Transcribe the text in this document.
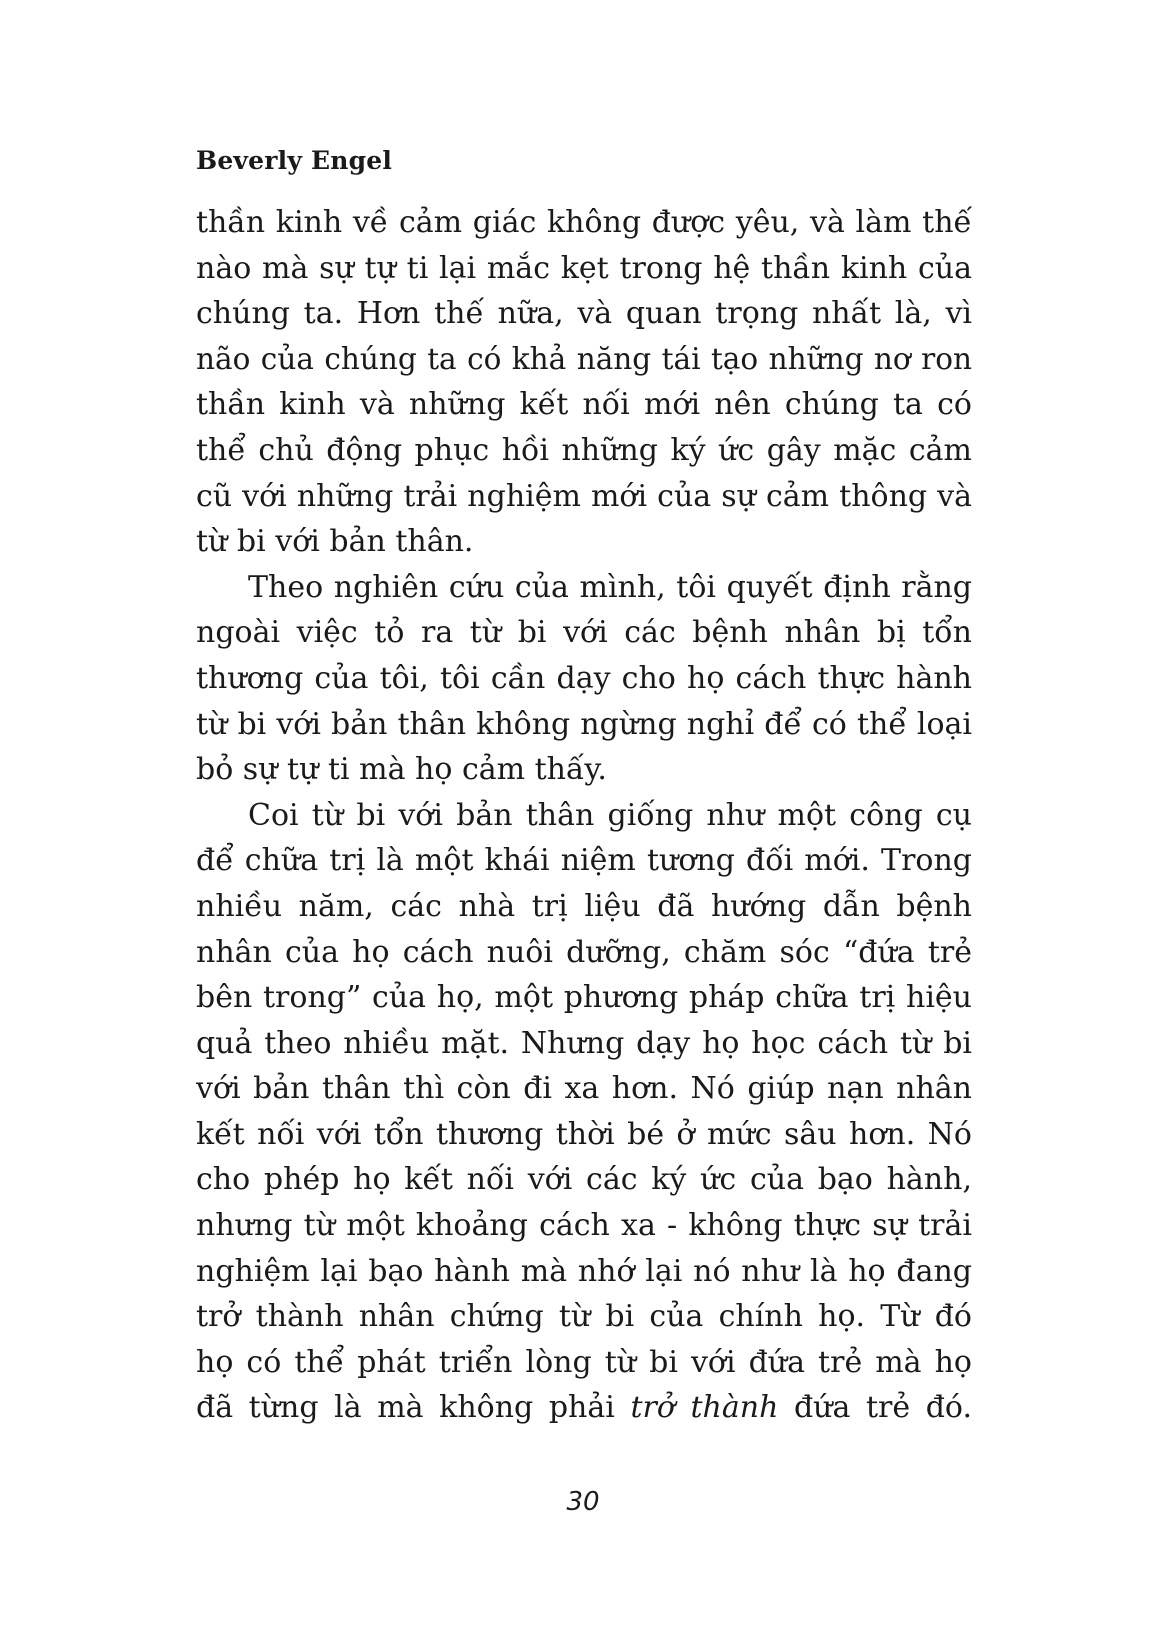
Beverly Engel
thần kinh về cảm giác không được yêu, và làm thế
nào mà sự tự ti lại mắc kẹt trong hệ thần kinh của
chúng ta. Hơn thế nữa, và quan trọng nhất là, vì
não của chúng ta có khả năng tái tạo những nơ ron
thần kinh và những kết nối mới nên chúng ta có
thể chủ động phục hồi những ký ức gây mặc cảm
cũ với những trải nghiệm mới của sự cảm thông và
từ bi với bản thân.
Theo nghiên cứu của mình, tôi quyết định rằng
ngoài việc tỏ ra từ bi với các bệnh nhân bị tổn
thương của tôi, tôi cần dạy cho họ cách thực hành
từ bi với bản thân không ngừng nghỉ để có thể loại
bỏ sự tự ti mà họ cảm thấy.
Coi từ bi với bản thân giống như một công cụ
để chữa trị là một khái niệm tương đối mới. Trong
nhiều năm, các nhà trị liệu đã hướng dẫn bệnh
nhân của họ cách nuôi dưỡng, chăm sóc “đứa trẻ
bên trong” của họ, một phương pháp chữa trị hiệu
quả theo nhiều mặt. Nhưng dạy họ học cách từ bi
với bản thân thì còn đi xa hơn. Nó giúp nạn nhân
kết nối với tổn thương thời bé ở mức sâu hơn. Nó
cho phép họ kết nối với các ký ức của bạo hành,
nhưng từ một khoảng cách xa - không thực sự trải
nghiệm lại bạo hành mà nhớ lại nó như là họ đang
trở thành nhân chứng từ bi của chính họ. Từ đó
họ có thể phát triển lòng từ bi với đứa trẻ mà họ
đã từng là mà không phải trở thành đứa trẻ đó.
30
